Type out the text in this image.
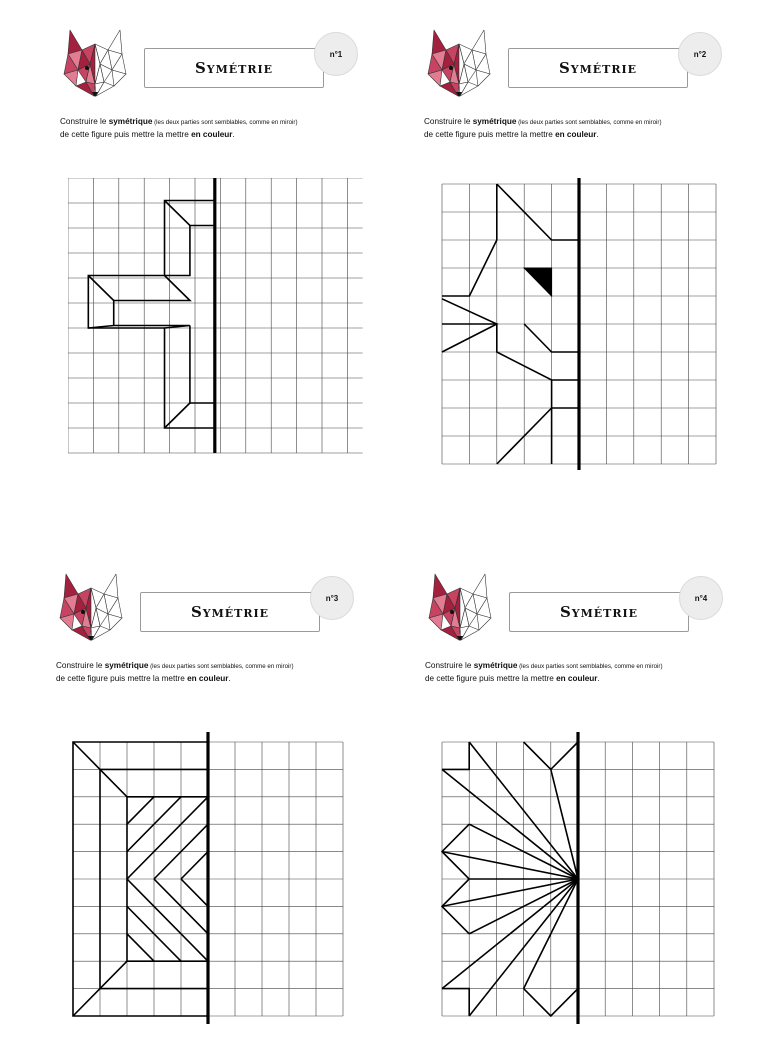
Symétrie
n°1
Construire le symétrique (les deux parties sont semblables, comme en miroir)
de cette figure puis mettre la mettre en couleur.
Symétrie
n°2
Construire le symétrique (les deux parties sont semblables, comme en miroir)
de cette figure puis mettre la mettre en couleur.
Symétrie
n°3
Construire le symétrique (les deux parties sont semblables, comme en miroir)
de cette figure puis mettre la mettre en couleur.
Symétrie
n°4
Construire le symétrique (les deux parties sont semblables, comme en miroir)
de cette figure puis mettre la mettre en couleur.
